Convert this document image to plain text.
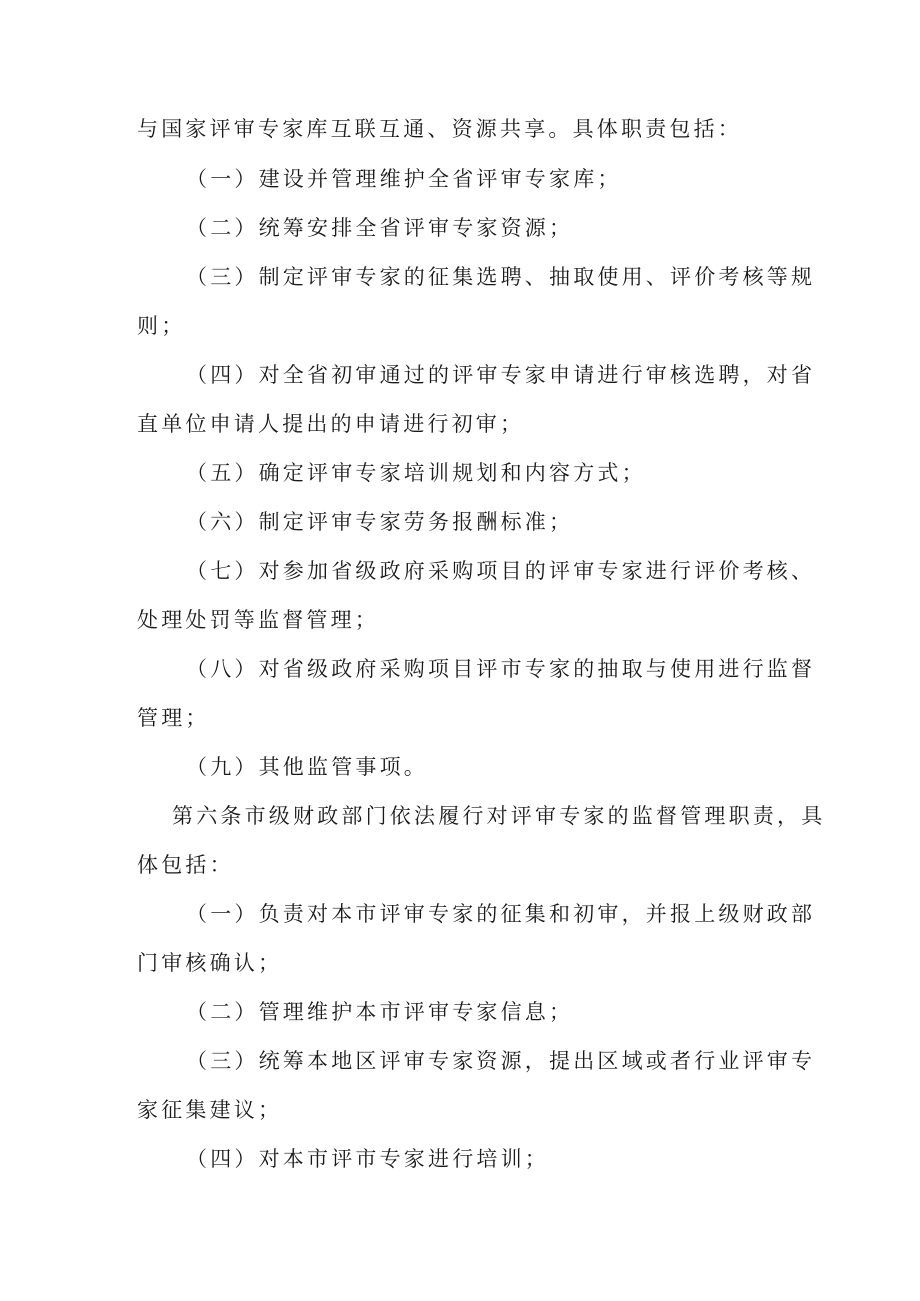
与国家评审专家库互联互通、资源共享。具体职责包括：
（一）建设并管理维护全省评审专家库；
（二）统筹安排全省评审专家资源；
（三）制定评审专家的征集选聘、抽取使用、评价考核等规
则；
（四）对全省初审通过的评审专家申请进行审核选聘，对省
直单位申请人提出的申请进行初审；
（五）确定评审专家培训规划和内容方式；
（六）制定评审专家劳务报酬标准；
（七）对参加省级政府采购项目的评审专家进行评价考核、
处理处罚等监督管理；
（八）对省级政府采购项目评市专家的抽取与使用进行监督
管理；
（九）其他监管事项。
第六条市级财政部门依法履行对评审专家的监督管理职责，具
体包括：
（一）负责对本市评审专家的征集和初审，并报上级财政部
门审核确认；
（二）管理维护本市评审专家信息；
（三）统筹本地区评审专家资源，提出区域或者行业评审专
家征集建议；
（四）对本市评市专家进行培训；
